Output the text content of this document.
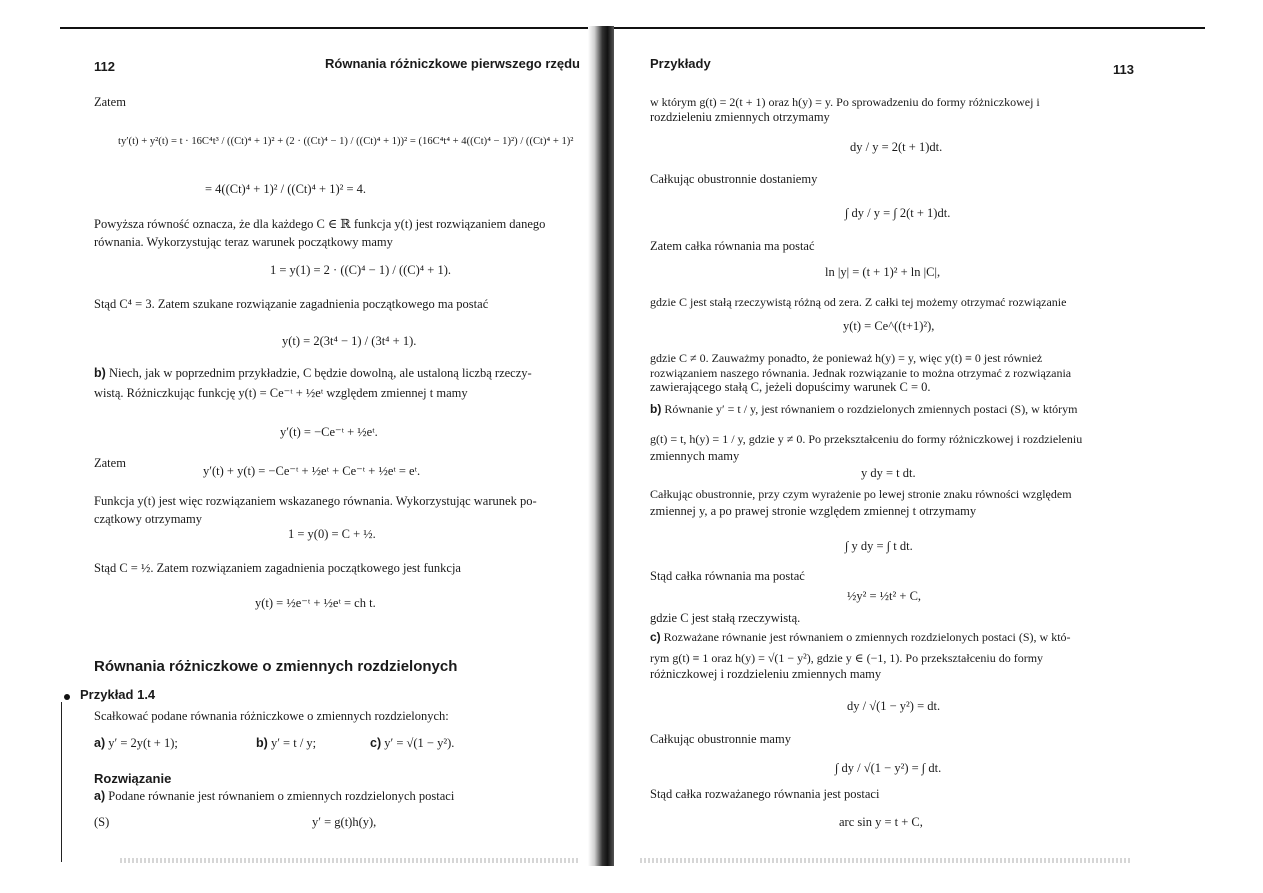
112	Równania różniczkowe pierwszego rzędu
Zatem
ty′(t) + y²(t) = t · 16C⁴t³ / ((Ct)⁴ + 1)² + (2 · ((Ct)⁴ − 1) / ((Ct)⁴ + 1))² = (16C⁴t⁴ + 4((Ct)⁴ − 1)²) / ((Ct)⁴ + 1)²
= 4((Ct)⁴ + 1)² / ((Ct)⁴ + 1)² = 4.
Powyższa równość oznacza, że dla każdego C ∈ ℝ funkcja y(t) jest rozwiązaniem danego
równania. Wykorzystując teraz warunek początkowy mamy
1 = y(1) = 2 · ((C)⁴ − 1) / ((C)⁴ + 1).
Stąd C⁴ = 3. Zatem szukane rozwiązanie zagadnienia początkowego ma postać
y(t) = 2(3t⁴ − 1) / (3t⁴ + 1).
b) Niech, jak w poprzednim przykładzie, C będzie dowolną, ale ustaloną liczbą rzeczy-
wistą. Różniczkując funkcję y(t) = Ce⁻ᵗ + ½eᵗ względem zmiennej t mamy
y′(t) = −Ce⁻ᵗ + ½eᵗ.
Zatem
y′(t) + y(t) = −Ce⁻ᵗ + ½eᵗ + Ce⁻ᵗ + ½eᵗ = eᵗ.
Funkcja y(t) jest więc rozwiązaniem wskazanego równania. Wykorzystując warunek po-
czątkowy otrzymamy
1 = y(0) = C + ½.
Stąd C = ½. Zatem rozwiązaniem zagadnienia początkowego jest funkcja
y(t) = ½e⁻ᵗ + ½eᵗ = ch t.
Równania różniczkowe o zmiennych rozdzielonych
Przykład 1.4
Scałkować podane równania różniczkowe o zmiennych rozdzielonych:
a) y′ = 2y(t + 1);	b) y′ = t / y;	c) y′ = √(1 − y²).
Rozwiązanie
a) Podane równanie jest równaniem o zmiennych rozdzielonych postaci
(S)	y′ = g(t)h(y),
Przykłady	113
w którym g(t) = 2(t + 1) oraz h(y) = y. Po sprowadzeniu do formy różniczkowej i
rozdzieleniu zmiennych otrzymamy
dy / y = 2(t + 1)dt.
Całkując obustronnie dostaniemy
∫ dy / y = ∫ 2(t + 1)dt.
Zatem całka równania ma postać
ln |y| = (t + 1)² + ln |C|,
gdzie C jest stałą rzeczywistą różną od zera. Z całki tej możemy otrzymać rozwiązanie
y(t) = Ce^((t+1)²),
gdzie C ≠ 0. Zauważmy ponadto, że ponieważ h(y) = y, więc y(t) ≡ 0 jest również
rozwiązaniem naszego równania. Jednak rozwiązanie to można otrzymać z rozwiązania
zawierającego stałą C, jeżeli dopuścimy warunek C = 0.
b) Równanie y′ = t / y, jest równaniem o rozdzielonych zmiennych postaci (S), w którym
g(t) = t, h(y) = 1 / y, gdzie y ≠ 0. Po przekształceniu do formy różniczkowej i rozdzieleniu
zmiennych mamy
y dy = t dt.
Całkując obustronnie, przy czym wyrażenie po lewej stronie znaku równości względem
zmiennej y, a po prawej stronie względem zmiennej t otrzymamy
∫ y dy = ∫ t dt.
Stąd całka równania ma postać
½y² = ½t² + C,
gdzie C jest stałą rzeczywistą.
c) Rozważane równanie jest równaniem o zmiennych rozdzielonych postaci (S), w któ-
rym g(t) ≡ 1 oraz h(y) = √(1 − y²), gdzie y ∈ (−1, 1). Po przekształceniu do formy
różniczkowej i rozdzieleniu zmiennych mamy
dy / √(1 − y²) = dt.
Całkując obustronnie mamy
∫ dy / √(1 − y²) = ∫ dt.
Stąd całka rozważanego równania jest postaci
arc sin y = t + C,
